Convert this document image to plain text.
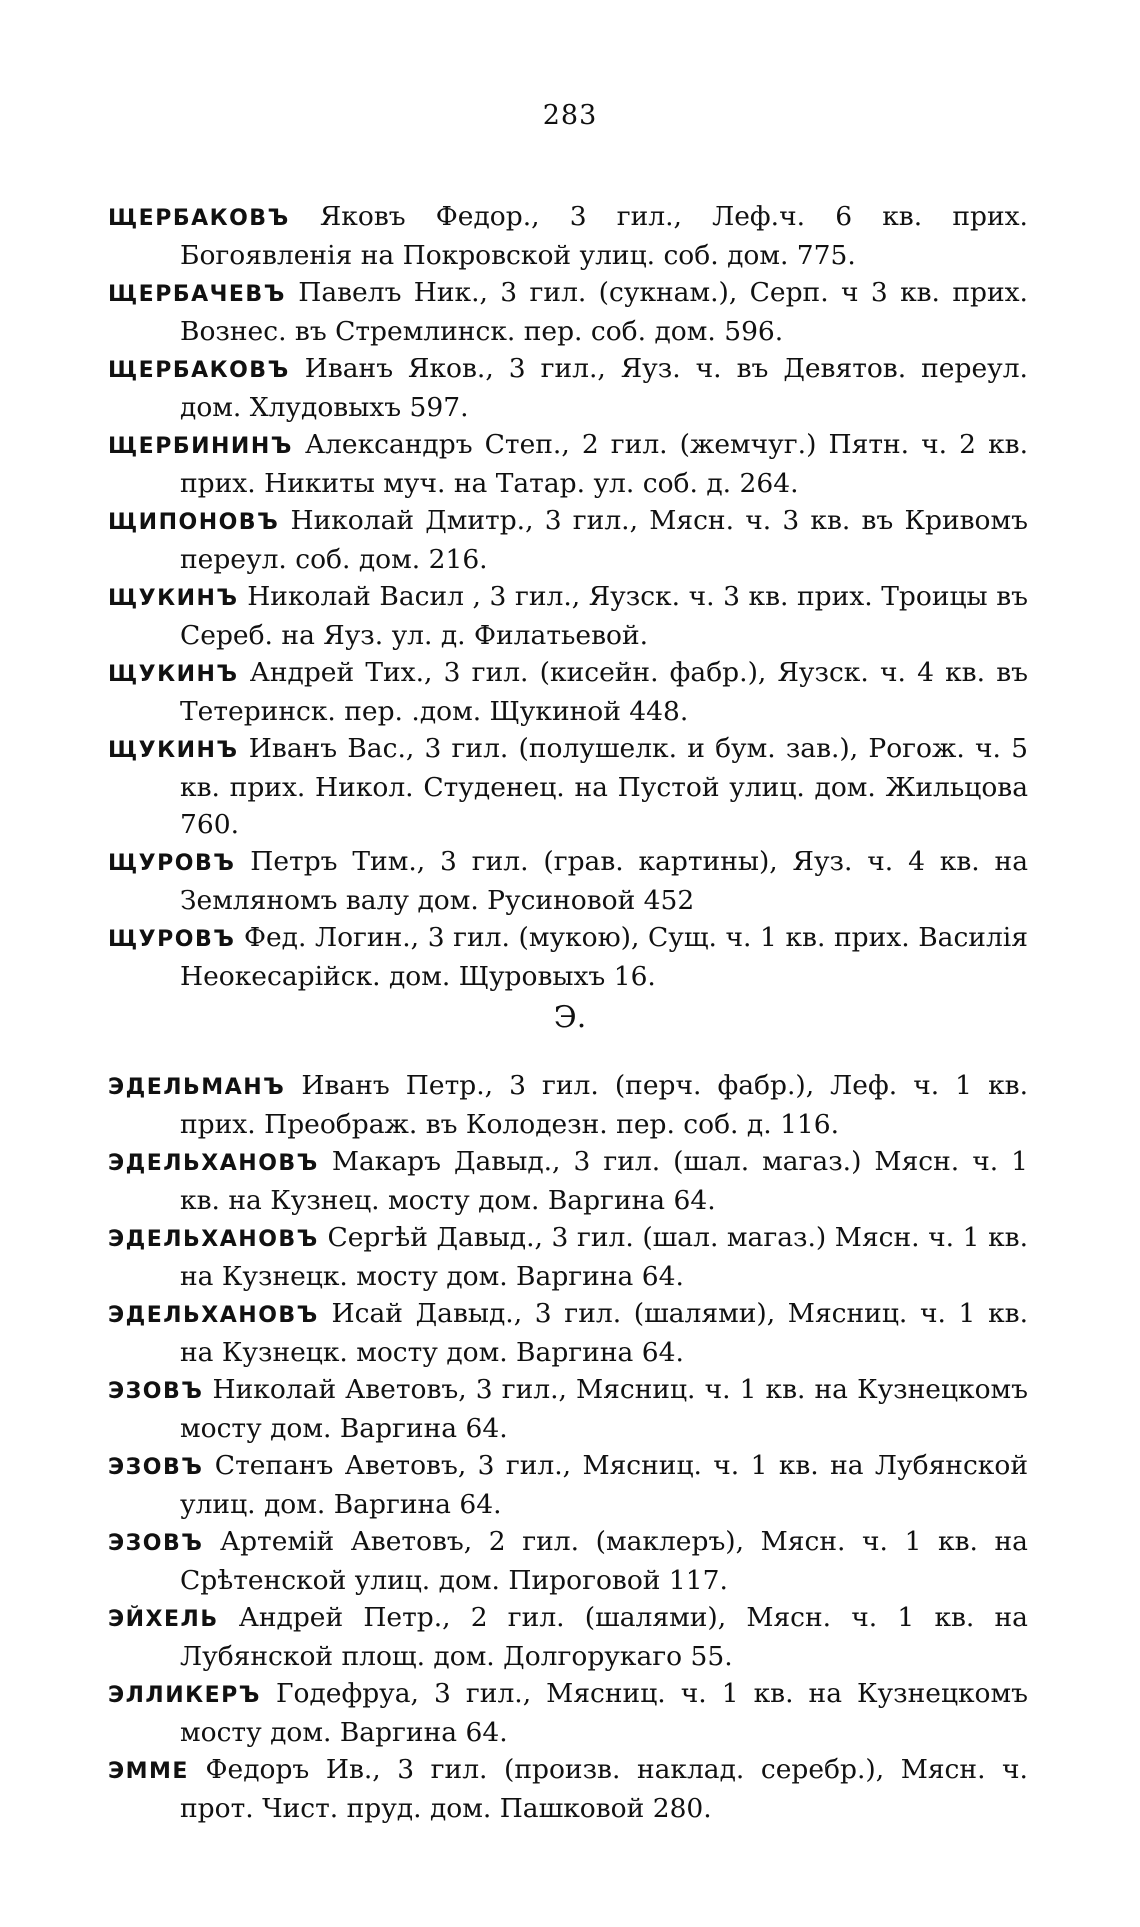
283

ЩЕРБАКОВЪ Яковъ Федор., 3 гил., Леф.ч. 6 кв. прих. Богоявленія на Покровской улиц. соб. дом. 775.

ЩЕРБАЧЕВЪ Павелъ Ник., 3 гил. (сукнам.), Серп. ч 3 кв. прих. Вознес. въ Стремлинск. пер. соб. дом. 596.

ЩЕРБАКОВЪ Иванъ Яков., 3 гил., Яуз. ч. въ Девятов. переул. дом. Хлудовыхъ 597.

ЩЕРБИНИНЪ Александръ Степ., 2 гил. (жемчуг.) Пятн. ч. 2 кв. прих. Никиты муч. на Татар. ул. соб. д. 264.

ЩИПОНОВЪ Николай Дмитр., 3 гил., Мясн. ч. 3 кв. въ Кривомъ переул. соб. дом. 216.

ЩУКИНЪ Николай Васил , 3 гил., Яузск. ч. 3 кв. прих. Троицы въ Сереб. на Яуз. ул. д. Филатьевой.

ЩУКИНЪ Андрей Тих., 3 гил. (кисейн. фабр.), Яузск. ч. 4 кв. въ Тетеринск. пер. .дом. Щукиной 448.

ЩУКИНЪ Иванъ Вас., 3 гил. (полушелк. и бум. зав.), Рогож. ч. 5 кв. прих. Никол. Студенец. на Пустой улиц. дом. Жильцова 760.

ЩУРОВЪ Петръ Тим., 3 гил. (грав. картины), Яуз. ч. 4 кв. на Земляномъ валу дом. Русиновой 452

ЩУРОВЪ Фед. Логин., 3 гил. (мукою), Сущ. ч. 1 кв. прих. Василія Неокесарійск. дом. Щуровыхъ 16.

Э.

ЭДЕЛЬМАНЪ Иванъ Петр., 3 гил. (перч. фабр.), Леф. ч. 1 кв. прих. Преображ. въ Колодезн. пер. соб. д. 116.

ЭДЕЛЬХАНОВЪ Макаръ Давыд., 3 гил. (шал. магаз.) Мясн. ч. 1 кв. на Кузнец. мосту дом. Варгина 64.

ЭДЕЛЬХАНОВЪ Сергѣй Давыд., 3 гил. (шал. магаз.) Мясн. ч. 1 кв. на Кузнецк. мосту дом. Варгина 64.

ЭДЕЛЬХАНОВЪ Исай Давыд., 3 гил. (шалями), Мясниц. ч. 1 кв. на Кузнецк. мосту дом. Варгина 64.

ЭЗОВЪ Николай Аветовъ, 3 гил., Мясниц. ч. 1 кв. на Кузнецкомъ мосту дом. Варгина 64.

ЭЗОВЪ Степанъ Аветовъ, 3 гил., Мясниц. ч. 1 кв. на Лубянской улиц. дом. Варгина 64.

ЭЗОВЪ Артемій Аветовъ, 2 гил. (маклеръ), Мясн. ч. 1 кв. на Срѣтенской улиц. дом. Пироговой 117.

ЭЙХЕЛЬ Андрей Петр., 2 гил. (шалями), Мясн. ч. 1 кв. на Лубянской площ. дом. Долгорукаго 55.

ЭЛЛИКЕРЪ Годефруа, 3 гил., Мясниц. ч. 1 кв. на Кузнецкомъ мосту дом. Варгина 64.

ЭММЕ Федоръ Ив., 3 гил. (произв. наклад. серебр.), Мясн. ч. прот. Чист. пруд. дом. Пашковой 280.
